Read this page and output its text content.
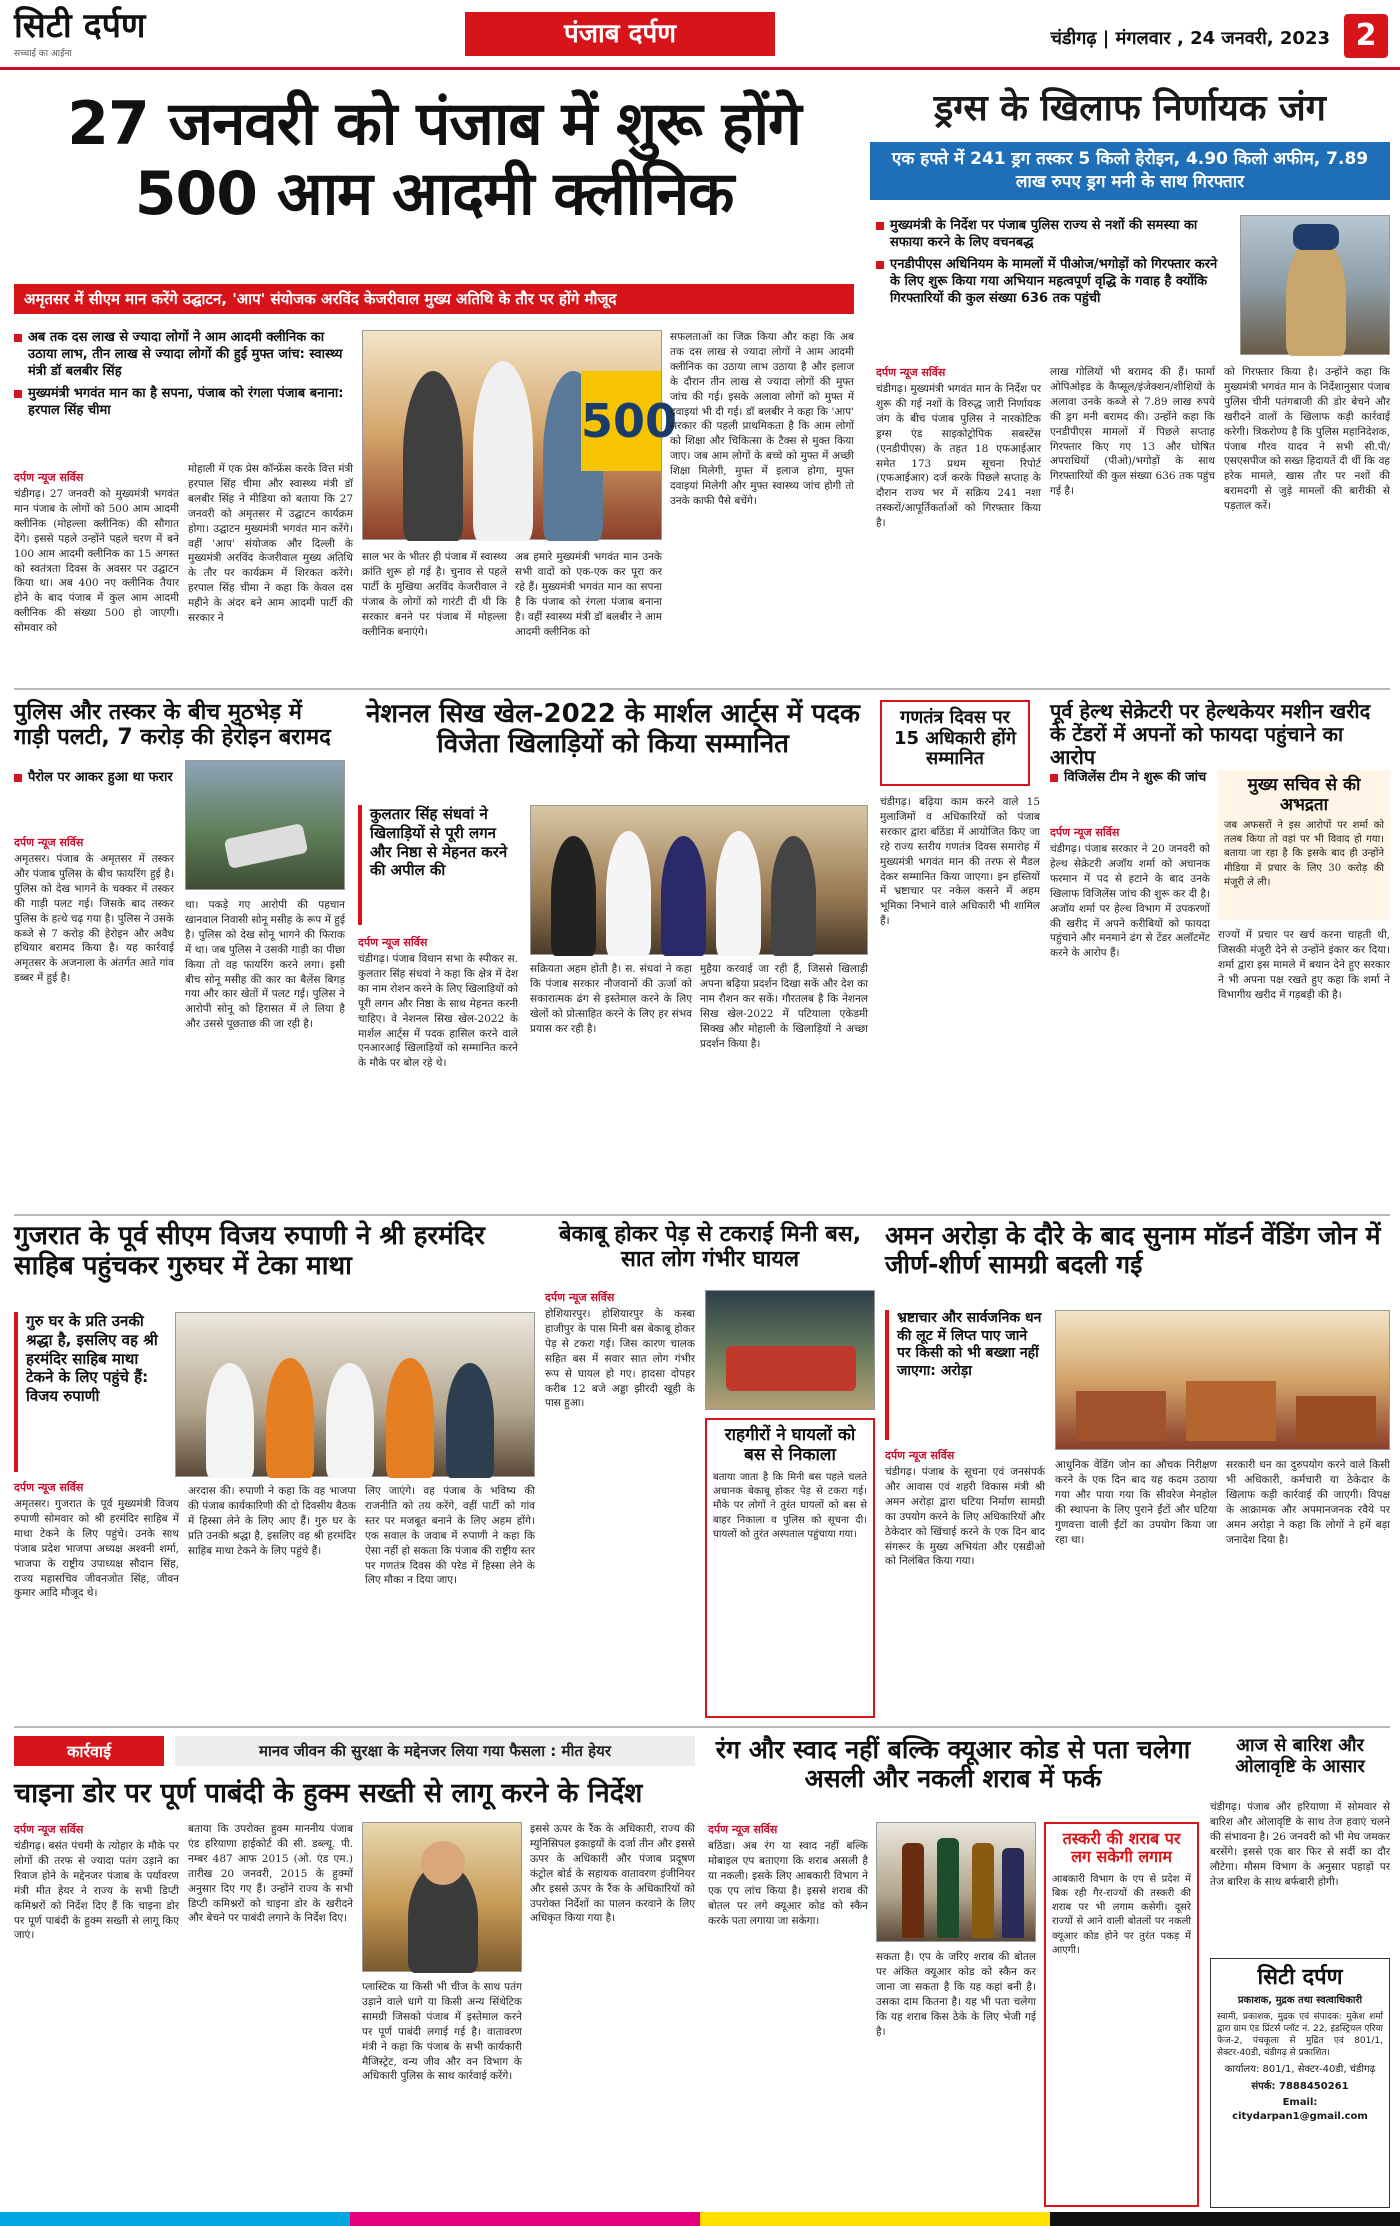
सिटी दर्पण
सच्चाई का आईना
पंजाब दर्पण	चंडीगढ़ | मंगलवार , 24 जनवरी, 2023 2
27 जनवरी को पंजाब में शुरू होंगे
500 आम आदमी क्लीनिक
अमृतसर में सीएम मान करेंगे उद्घाटन, 'आप' संयोजक अरविंद केजरीवाल मुख्य अतिथि के तौर पर होंगे मौजूद
अब तक दस लाख से ज्यादा लोगों ने आम आदमी क्लीनिक का उठाया लाभ, तीन लाख से ज्यादा लोगों की हुई मुफ्त जांच: स्वास्थ्य मंत्री डॉ बलबीर सिंह
मुख्यमंत्री भगवंत मान का है सपना, पंजाब को रंगला पंजाब बनाना: हरपाल सिंह चीमा
दर्पण न्यूज सर्विस
चंडीगढ़। 27 जनवरी को मुख्यमंत्री भगवंत मान पंजाब के लोगों को 500 आम आदमी क्लीनिक (मोहल्ला क्लीनिक) की सौगात देंगे। इससे पहले उन्होंने पहले चरण में बने 100 आम आदमी क्लीनिक का 15 अगस्त को स्वतंत्रता दिवस के अवसर पर उद्घाटन किया था। अब 400 नए क्लीनिक तैयार होने के बाद पंजाब में कुल आम आदमी क्लीनिक की संख्या 500 हो जाएगी। सोमवार को
मोहाली में एक प्रेस कॉन्फ्रेंस करके वित्त मंत्री हरपाल सिंह चीमा और स्वास्थ्य मंत्री डॉ बलबीर सिंह ने मीडिया को बताया कि 27 जनवरी को अमृतसर में उद्घाटन कार्यक्रम होगा। उद्घाटन मुख्यमंत्री भगवंत मान करेंगे। वहीं 'आप' संयोजक और दिल्ली के मुख्यमंत्री अरविंद केजरीवाल मुख्य अतिथि के तौर पर कार्यक्रम में शिरकत करेंगे। हरपाल सिंह चीमा ने कहा कि केवल दस महीने के अंदर बने आम आदमी पार्टी की सरकार ने
500
साल भर के भीतर ही पंजाब में स्वास्थ्य क्रांति शुरू हो गई है। चुनाव से पहले पार्टी के मुखिया अरविंद केजरीवाल ने पंजाब के लोगों को गारंटी दी थी कि सरकार बनने पर पंजाब में मोहल्ला क्लीनिक बनाएंगे।
अब हमारे मुख्यमंत्री भगवंत मान उनके सभी वादों को एक-एक कर पूरा कर रहे हैं। मुख्यमंत्री भगवंत मान का सपना है कि पंजाब को रंगला पंजाब बनाना है। वहीं स्वास्थ्य मंत्री डॉ बलबीर ने आम आदमी क्लीनिक को
सफलताओं का जिक्र किया और कहा कि अब तक दस लाख से ज्यादा लोगों ने आम आदमी क्लीनिक का उठाया लाभ उठाया है और इलाज के दौरान तीन लाख से ज्यादा लोगों की मुफ्त जांच की गई। इसके अलावा लोगों को मुफ्त में दवाइयां भी दी गई। डॉ बलबीर ने कहा कि 'आप' सरकार की पहली प्राथमिकता है कि आम लोगों को शिक्षा और चिकित्सा के टैक्स से मुक्त किया जाए। जब आम लोगों के बच्चे को मुफ्त में अच्छी शिक्षा मिलेगी, मुफ्त में इलाज होगा, मुफ्त दवाइयां मिलेगी और मुफ्त स्वास्थ्य जांच होगी तो उनके काफी पैसे बचेंगे।
ड्रग्स के खिलाफ निर्णायक जंग
एक हफ्ते में 241 ड्रग तस्कर 5 किलो हेरोइन, 4.90 किलो अफीम, 7.89 लाख रुपए ड्रग मनी के साथ गिरफ्तार
मुख्यमंत्री के निर्देश पर पंजाब पुलिस राज्य से नशों की समस्या का सफाया करने के लिए वचनबद्ध
एनडीपीएस अधिनियम के मामलों में पीओज/भगोड़ों को गिरफ्तार करने के लिए शुरू किया गया अभियान महत्वपूर्ण वृद्धि के गवाह है क्योंकि गिरफ्तारियों की कुल संख्या 636 तक पहुंची
दर्पण न्यूज सर्विस
चंडीगढ़। मुख्यमंत्री भगवंत मान के निर्देश पर शुरू की गई नशों के विरुद्ध जारी निर्णायक जंग के बीच पंजाब पुलिस ने नारकोटिक ड्रग्स एंड साइकोट्रोपिक सबस्टेंस (एनडीपीएस) के तहत 18 एफआईआर समेत 173 प्रथम सूचना रिपोर्ट (एफआईआर) दर्ज करके पिछले सप्ताह के दौरान राज्य भर में सक्रिय 241 नशा तस्करों/आपूर्तिकर्ताओं को गिरफ्तार किया है।
लाख गोलियों भी बरामद की हैं। फार्मा ओपिओइड के कैप्सूल/इंजेक्शन/शीशियों के अलावा उनके कब्जे से 7.89 लाख रुपये की ड्रग मनी बरामद की। उन्होंने कहा कि एनडीपीएस मामलों में पिछले सप्ताह गिरफ्तार किए गए 13 और घोषित अपराधियों (पीओ)/भगोड़ों के साथ गिरफ्तारियों की कुल संख्या 636 तक पहुंच गई है।
को गिरफ्तार किया है। उन्होंने कहा कि मुख्यमंत्री भगवंत मान के निर्देशानुसार पंजाब पुलिस चीनी पतंगबाजी की डोर बेचने और खरीदने वालों के खिलाफ कड़ी कार्रवाई करेगी। त्रिकरोण्य है कि पुलिस महानिदेशक, पंजाब गौरव यादव ने सभी सी.पी/एसएसपीज को सख्त हिदायतें दी थीं कि वह हरेक मामले, खास तौर पर नशों की बरामदगी से जुड़े मामलों की बारीकी से पड़ताल करें।
पुलिस और तस्कर के बीच मुठभेड़ में गाड़ी पलटी, 7 करोड़ की हेरोइन बरामद
पैरोल पर आकर हुआ था फरार
दर्पण न्यूज सर्विस
अमृतसर। पंजाब के अमृतसर में तस्कर और पंजाब पुलिस के बीच फायरिंग हुई है। पुलिस को देख भागने के चक्कर में तस्कर की गाड़ी पलट गई। जिसके बाद तस्कर पुलिस के हत्थे चढ़ गया है। पुलिस ने उसके कब्जे से 7 करोड़ की हेरोइन और अवैध हथियार बरामद किया है। यह कार्रवाई अमृतसर के अजनाला के अंतर्गत आते गांव डब्बर में हुई है।
था। पकड़े गए आरोपी की पहचान खानवाल निवासी सोनू मसीह के रूप में हुई है। पुलिस को देख सोनू भागने की फिराक में था। जब पुलिस ने उसकी गाड़ी का पीछा किया तो वह फायरिंग करने लगा। इसी बीच सोनू मसीह की कार का बैलेंस बिगड़ गया और कार खेतों में पलट गई। पुलिस ने आरोपी सोनू को हिरासत में ले लिया है और उससे पूछताछ की जा रही है।
नेशनल सिख खेल-2022 के मार्शल आर्ट्स में पदक विजेता खिलाड़ियों को किया सम्मानित
कुलतार सिंह संधवां ने खिलाड़ियों से पूरी लगन और निष्ठा से मेहनत करने की अपील की
दर्पण न्यूज सर्विस
चंडीगढ़। पंजाब विधान सभा के स्पीकर स. कुलतार सिंह संधवां ने कहा कि क्षेत्र में देश का नाम रोशन करने के लिए खिलाड़ियों को पूरी लगन और निष्ठा के साथ मेहनत करनी चाहिए। वे नेशनल सिख खेल-2022 के मार्शल आर्ट्स में पदक हासिल करने वाले एनआरआई खिलाड़ियों को सम्मानित करने के मौके पर बोल रहे थे।
सक्रियता अहम होती है। स. संधवां ने कहा कि पंजाब सरकार नौजवानों की ऊर्जा को सकारात्मक ढंग से इस्तेमाल करने के लिए खेलों को प्रोत्साहित करने के लिए हर संभव प्रयास कर रही है।
मुहैया करवाई जा रही हैं, जिससे खिलाड़ी अपना बढ़िया प्रदर्शन दिखा सकें और देश का नाम रौशन कर सकें। गौरतलब है कि नेशनल सिख खेल-2022 में पटियाला एकेडमी सिक्ख और मोहाली के खिलाड़ियों ने अच्छा प्रदर्शन किया है।
गणतंत्र दिवस पर 15 अधिकारी होंगे सम्मानित
चंडीगढ़। बढ़िया काम करने वाले 15 मुलाजिमों व अधिकारियों को पंजाब सरकार द्वारा बठिंडा में आयोजित किए जा रहे राज्य स्तरीय गणतंत्र दिवस समारोह में मुख्यमंत्री भगवंत मान की तरफ से मैडल देकर सम्मानित किया जाएगा। इन हस्तियों में भ्रष्टाचार पर नकेल कसने में अहम भूमिका निभाने वाले अधिकारी भी शामिल हैं।
पूर्व हेल्थ सेक्रेटरी पर हेल्थकेयर मशीन खरीद के टेंडरों में अपनों को फायदा पहुंचाने का आरोप
विजिलेंस टीम ने शुरू की जांच	मुख्य सचिव से की अभद्रता
जब अफसरों ने इस आरोपों पर शर्मा को तलब किया तो वहां पर भी विवाद हो गया। बताया जा रहा है कि इसके बाद ही उन्होंने मीडिया में प्रचार के लिए 30 करोड़ की मंजूरी ले ली।
दर्पण न्यूज सर्विस
चंडीगढ़। पंजाब सरकार ने 20 जनवरी को हेल्थ सेक्रेटरी अजॉय शर्मा को अचानक फरमान में पद से हटाने के बाद उनके खिलाफ विजिलेंस जांच की शुरू कर दी है। अजॉय शर्मा पर हेल्थ विभाग में उपकरणों की खरीद में अपने करीबियों को फायदा पहुंचाने और मनमाने ढंग से टेंडर अलॉटमेंट करने के आरोप हैं।
राज्यों में प्रचार पर खर्च करना चाहती थी, जिसकी मंजूरी देने से उन्होंने इंकार कर दिया। शर्मा द्वारा इस मामले में बयान देने हुए सरकार ने भी अपना पक्ष रखते हुए कहा कि शर्मा ने विभागीय खरीद में गड़बड़ी की है।
गुजरात के पूर्व सीएम विजय रुपाणी ने श्री हरमंदिर साहिब पहुंचकर गुरुघर में टेका माथा
गुरु घर के प्रति उनकी श्रद्धा है, इसलिए वह श्री हरमंदिर साहिब माथा टेकने के लिए पहुंचे हैं: विजय रुपाणी
दर्पण न्यूज सर्विस
अमृतसर। गुजरात के पूर्व मुख्यमंत्री विजय रुपाणी सोमवार को श्री हरमंदिर साहिब में माथा टेकने के लिए पहुंचे। उनके साथ पंजाब प्रदेश भाजपा अध्यक्ष अश्वनी शर्मा, भाजपा के राष्ट्रीय उपाध्यक्ष सौदान सिंह, राज्य महासचिव जीवनजोत सिंह, जीवन कुमार आदि मौजूद थे।
अरदास की। रुपाणी ने कहा कि वह भाजपा की पंजाब कार्यकारिणी की दो दिवसीय बैठक में हिस्सा लेने के लिए आए हैं। गुरु घर के प्रति उनकी श्रद्धा है, इसलिए वह श्री हरमंदिर साहिब माथा टेकने के लिए पहुंचे हैं।
लिए जाएंगे। वह पंजाब के भविष्य की राजनीति को तय करेंगे, वहीं पार्टी को गांव स्तर पर मजबूत बनाने के लिए अहम होंगे। एक सवाल के जवाब में रुपाणी ने कहा कि ऐसा नहीं हो सकता कि पंजाब की राष्ट्रीय स्तर पर गणतंत्र दिवस की परेड में हिस्सा लेने के लिए मौका न दिया जाए।
बेकाबू होकर पेड़ से टकराई मिनी बस, सात लोग गंभीर घायल
दर्पण न्यूज सर्विस
होशियारपुर। होशियारपुर के कस्बा हाजीपुर के पास मिनी बस बेकाबू होकर पेड़ से टकरा गई। जिस कारण चालक सहित बस में सवार सात लोग गंभीर रूप से घायल हो गए। हादसा दोपहर करीब 12 बजे अड्डा झीरदी खूही के पास हुआ।
राहगीरों ने घायलों को बस से निकाला
बताया जाता है कि मिनी बस पहले चलते अचानक बेकाबू होकर पेड़ से टकरा गई। मौके पर लोगों ने तुरंत घायलों को बस से बाहर निकाला व पुलिस को सूचना दी। घायलों को तुरंत अस्पताल पहुंचाया गया।
अमन अरोड़ा के दौरे के बाद सुनाम मॉडर्न वेंडिंग जोन में जीर्ण-शीर्ण सामग्री बदली गई
भ्रष्टाचार और सार्वजनिक धन की लूट में लिप्त पाए जाने पर किसी को भी बख्शा नहीं जाएगा: अरोड़ा
दर्पण न्यूज सर्विस
चंडीगढ़। पंजाब के सूचना एवं जनसंपर्क और आवास एवं शहरी विकास मंत्री श्री अमन अरोड़ा द्वारा घटिया निर्माण सामग्री का उपयोग करने के लिए अधिकारियों और ठेकेदार को खिंचाई करने के एक दिन बाद संगरूर के मुख्य अभियंता और एसडीओ को निलंबित किया गया।
आधुनिक वेंडिंग जोन का औचक निरीक्षण करने के एक दिन बाद यह कदम उठाया गया और पाया गया कि सीवरेज मेनहोल की स्थापना के लिए पुराने ईंटों और घटिया गुणवत्ता वाली ईंटों का उपयोग किया जा रहा था।
सरकारी धन का दुरुपयोग करने वाले किसी भी अधिकारी, कर्मचारी या ठेकेदार के खिलाफ कड़ी कार्रवाई की जाएगी। विपक्ष के आक्रामक और अपमानजनक रवैये पर अमन अरोड़ा ने कहा कि लोगों ने हमें बड़ा जनादेश दिया है।
कार्रवाई	मानव जीवन की सुरक्षा के मद्देनजर लिया गया फैसला : मीत हेयर
चाइना डोर पर पूर्ण पाबंदी के हुक्म सख्ती से लागू करने के निर्देश
दर्पण न्यूज सर्विस
चंडीगढ़। बसंत पंचमी के त्योहार के मौके पर लोगों की तरफ से ज्यादा पतंग उड़ाने का रिवाज होने के मद्देनजर पंजाब के पर्यावरण मंत्री मीत हेयर ने राज्य के सभी डिप्टी कमिश्नरों को निर्देश दिए हैं कि चाइना डोर पर पूर्ण पाबंदी के हुक्म सख्ती से लागू किए जाएं।
बताया कि उपरोक्त हुक्म माननीय पंजाब एंड हरियाणा हाईकोर्ट की सी. डब्ल्यू. पी. नम्बर 487 आफ 2015 (ओ. एंड एम.) तारीख 20 जनवरी, 2015 के हुक्मों अनुसार दिए गए हैं। उन्होंने राज्य के सभी डिप्टी कमिश्नरों को चाइना डोर के खरीदने और बेचने पर पाबंदी लगाने के निर्देश दिए।
प्लास्टिक या किसी भी चीज के साथ पतंग उड़ाने वाले धागे या किसी अन्य सिंथेटिक सामग्री जिसको पंजाब में इस्तेमाल करने पर पूर्ण पाबंदी लगाई गई है। वातावरण मंत्री ने कहा कि पंजाब के सभी कार्यकारी मैजिस्ट्रेट, वन्य जीव और वन विभाग के अधिकारी पुलिस के साथ कार्रवाई करेंगे।
इससे ऊपर के रैंक के अधिकारी, राज्य की म्युनिसिपल इकाइयों के दर्जा तीन और इससे ऊपर के अधिकारी और पंजाब प्रदूषण कंट्रोल बोर्ड के सहायक वातावरण इंजीनियर और इससे ऊपर के रैंक के अधिकारियों को उपरोक्त निर्देशों का पालन करवाने के लिए अधिकृत किया गया है।
रंग और स्वाद नहीं बल्कि क्यूआर कोड से पता चलेगा असली और नकली शराब में फर्क
दर्पण न्यूज सर्विस
बठिंडा। अब रंग या स्वाद नहीं बल्कि मोबाइल एप बताएगा कि शराब असली है या नकली। इसके लिए आबकारी विभाग ने एक एप लांच किया है। इससे शराब की बोतल पर लगे क्यूआर कोड को स्कैन करके पता लगाया जा सकेगा।
सकता है। एप के जरिए शराब की बोतल पर अंकित क्यूआर कोड को स्कैन कर जाना जा सकता है कि यह कहां बनी है। उसका दाम कितना है। यह भी पता चलेगा कि यह शराब किस ठेके के लिए भेजी गई है।
तस्करी की शराब पर लग सकेगी लगाम
आबकारी विभाग के एप से प्रदेश में बिक रही गैर-राज्यों की तस्करी की शराब पर भी लगाम कसेगी। दूसरे राज्यों से आने वाली बोतलों पर नकली क्यूआर कोड होने पर तुरंत पकड़ में आएगी।
आज से बारिश और ओलावृष्टि के आसार
चंडीगढ़। पंजाब और हरियाणा में सोमवार से बारिश और ओलावृष्टि के साथ तेज हवाएं चलने की संभावना है। 26 जनवरी को भी मेघ जमकर बरसेंगे। इससे एक बार फिर से सर्दी का दौर लौटेगा। मौसम विभाग के अनुसार पहाड़ों पर तेज बारिश के साथ बर्फबारी होगी।
सिटी दर्पण
प्रकाशक, मुद्रक तथा स्वत्वाधिकारी
स्वामी, प्रकाशक, मुद्रक एवं संपादक: मुकेश शर्मा द्वारा ग्राम एंड प्रिंटर्स प्लॉट नं. 22, इंडस्ट्रियल एरिया फेज-2, पंचकूला से मुद्रित एवं 801/1, सेक्टर-40डी, चंडीगढ़ से प्रकाशित।
कार्यालय: 801/1, सेक्टर-40डी, चंडीगढ़
संपर्क: 7888450261
Email: citydarpan1@gmail.com
